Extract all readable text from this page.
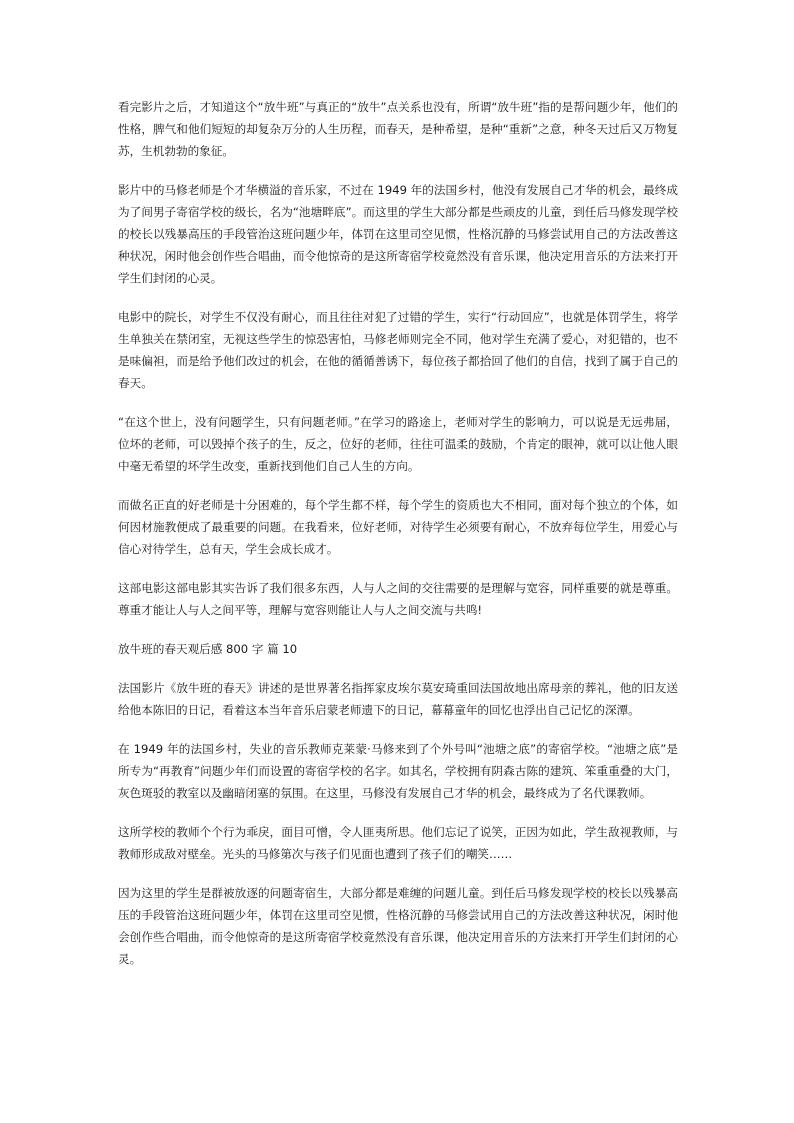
看完影片之后，才知道这个“放牛班”与真正的“放牛”点关系也没有，所谓“放牛班”指的是帮问题少年，他们的性格，脾气和他们短短的却复杂万分的人生历程，而春天，是种希望，是种“重新”之意，种冬天过后又万物复苏，生机勃勃的象征。

影片中的马修老师是个才华横溢的音乐家，不过在 1949 年的法国乡村，他没有发展自己才华的机会，最终成为了间男子寄宿学校的级长，名为“池塘畔底”。而这里的学生大部分都是些顽皮的儿童，到任后马修发现学校的校长以残暴高压的手段管治这班问题少年，体罚在这里司空见惯，性格沉静的马修尝试用自己的方法改善这种状况，闲时他会创作些合唱曲，而令他惊奇的是这所寄宿学校竟然没有音乐课，他决定用音乐的方法来打开学生们封闭的心灵。

电影中的院长，对学生不仅没有耐心，而且往往对犯了过错的学生，实行“行动回应”，也就是体罚学生，将学生单独关在禁闭室，无视这些学生的惊恐害怕，马修老师则完全不同，他对学生充满了爱心，对犯错的，也不是味偏袒，而是给予他们改过的机会，在他的循循善诱下，每位孩子都拾回了他们的自信，找到了属于自己的春天。

“在这个世上，没有问题学生，只有问题老师。”在学习的路途上，老师对学生的影响力，可以说是无远弗届，位坏的老师，可以毁掉个孩子的生，反之，位好的老师，往往可温柔的鼓励，个肯定的眼神，就可以让他人眼中毫无希望的坏学生改变，重新找到他们自己人生的方向。

而做名正直的好老师是十分困难的，每个学生都不样，每个学生的资质也大不相同，面对每个独立的个体，如何因材施教便成了最重要的问题。在我看来，位好老师，对待学生必须要有耐心，不放弃每位学生，用爱心与信心对待学生，总有天，学生会成长成才。

这部电影这部电影其实告诉了我们很多东西，人与人之间的交往需要的是理解与宽容，同样重要的就是尊重。尊重才能让人与人之间平等，理解与宽容则能让人与人之间交流与共鸣!

放牛班的春天观后感 800 字 篇 10

法国影片《放牛班的春天》讲述的是世界著名指挥家皮埃尔莫安琦重回法国故地出席母亲的葬礼，他的旧友送给他本陈旧的日记，看着这本当年音乐启蒙老师遗下的日记，幕幕童年的回忆也浮出自己记忆的深潭。

在 1949 年的法国乡村，失业的音乐教师克莱蒙·马修来到了个外号叫“池塘之底”的寄宿学校。“池塘之底”是所专为“再教育”问题少年们而设置的寄宿学校的名字。如其名，学校拥有阴森古陈的建筑、笨重重叠的大门，灰色斑驳的教室以及幽暗闭塞的氛围。在这里，马修没有发展自己才华的机会，最终成为了名代课教师。

这所学校的教师个个行为乖戾，面目可憎，令人匪夷所思。他们忘记了说笑，正因为如此，学生敌视教师，与教师形成敌对壁垒。光头的马修第次与孩子们见面也遭到了孩子们的嘲笑……

因为这里的学生是群被放逐的问题寄宿生，大部分都是难缠的问题儿童。到任后马修发现学校的校长以残暴高压的手段管治这班问题少年，体罚在这里司空见惯，性格沉静的马修尝试用自己的方法改善这种状况，闲时他会创作些合唱曲，而令他惊奇的是这所寄宿学校竟然没有音乐课，他决定用音乐的方法来打开学生们封闭的心灵。
